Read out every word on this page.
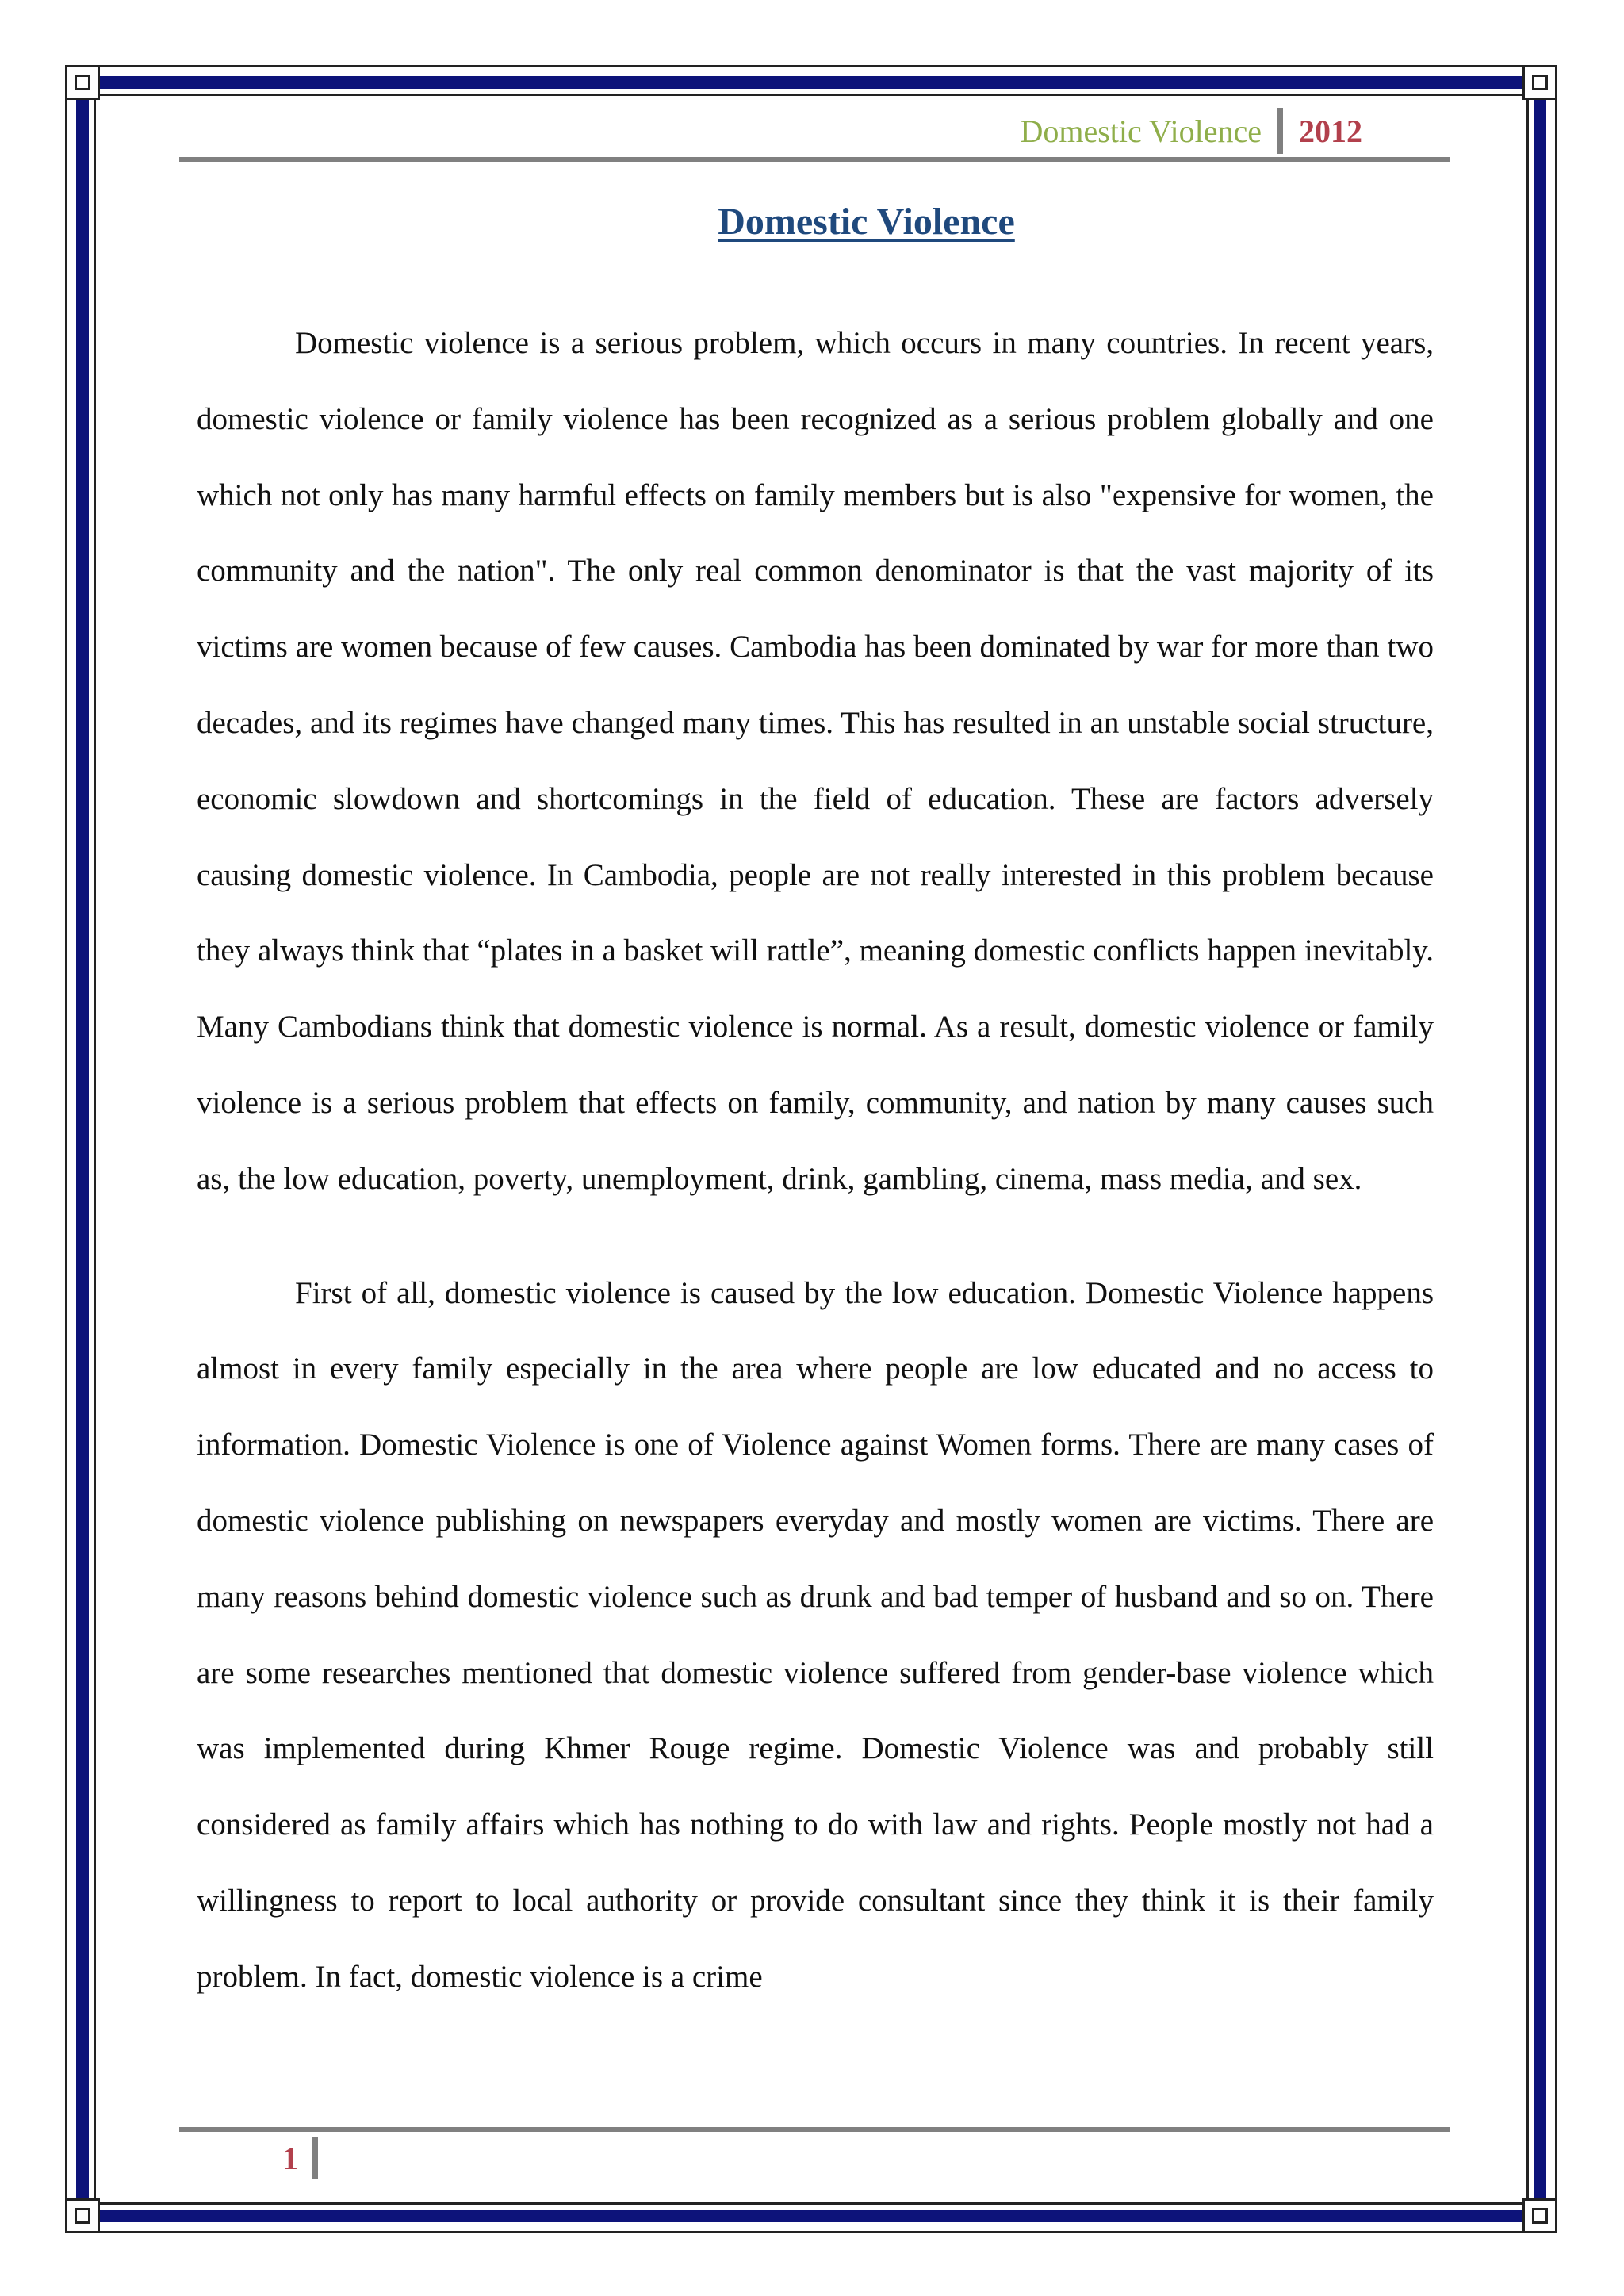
Domestic Violence	2012
Domestic Violence

Domestic violence is a serious problem, which occurs in many countries. In recent years, domestic violence or family violence has been recognized as a serious problem globally and one which not only has many harmful effects on family members but is also "expensive for women, the community and the nation". The only real common denominator is that the vast majority of its victims are women because of few causes. Cambodia has been dominated by war for more than two decades, and its regimes have changed many times. This has resulted in an unstable social structure, economic slowdown and shortcomings in the field of education. These are factors adversely causing domestic violence. In Cambodia, people are not really interested in this problem because they always think that “plates in a basket will rattle”, meaning domestic conflicts happen inevitably. Many Cambodians think that domestic violence is normal. As a result, domestic violence or family violence is a serious problem that effects on family, community, and nation by many causes such as, the low education, poverty, unemployment, drink, gambling, cinema, mass media, and sex.

First of all, domestic violence is caused by the low education. Domestic Violence happens almost in every family especially in the area where people are low educated and no access to information. Domestic Violence is one of Violence against Women forms. There are many cases of domestic violence publishing on newspapers everyday and mostly women are victims. There are many reasons behind domestic violence such as drunk and bad temper of husband and so on. There are some researches mentioned that domestic violence suffered from gender-base violence which was implemented during Khmer Rouge regime. Domestic Violence was and probably still considered as family affairs which has nothing to do with law and rights. People mostly not had a willingness to report to local authority or provide consultant since they think it is their family problem. In fact, domestic violence is a crime

1
